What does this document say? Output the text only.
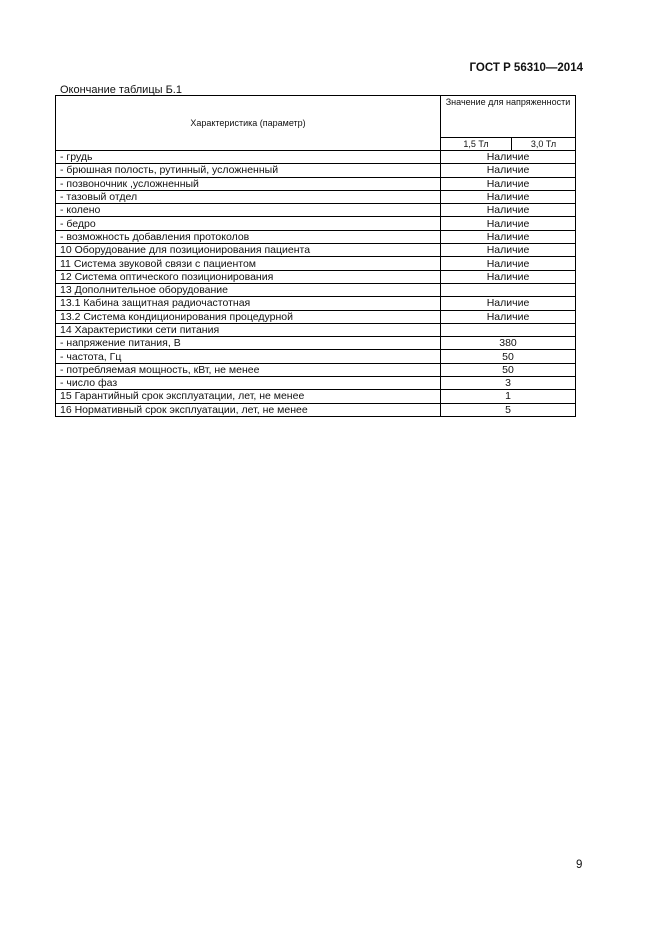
ГОСТ Р 56310—2014
Окончание таблицы Б.1
Характеристика (параметр)	Значение для напряженности	
	1,5 Тл	3,0 Тл
- грудь	Наличие	
- брюшная полость, рутинный, усложненный	Наличие	
- позвоночник ,усложненный	Наличие	
- тазовый отдел	Наличие	
- колено	Наличие	
- бедро	Наличие	
- возможность добавления протоколов	Наличие	
10 Оборудование для позиционирования пациента	Наличие	
11 Система звуковой связи с пациентом	Наличие	
12 Система оптического позиционирования	Наличие	
13 Дополнительное оборудование		
13.1 Кабина защитная радиочастотная	Наличие	
13.2 Система кондиционирования процедурной	Наличие	
14 Характеристики сети питания		
- напряжение питания, В	380	
- частота, Гц	50	
- потребляемая мощность, кВт, не менее	50	
- число фаз	3	
15 Гарантийный срок эксплуатации, лет, не менее	1	
16 Нормативный срок эксплуатации, лет, не менее	5	
9
